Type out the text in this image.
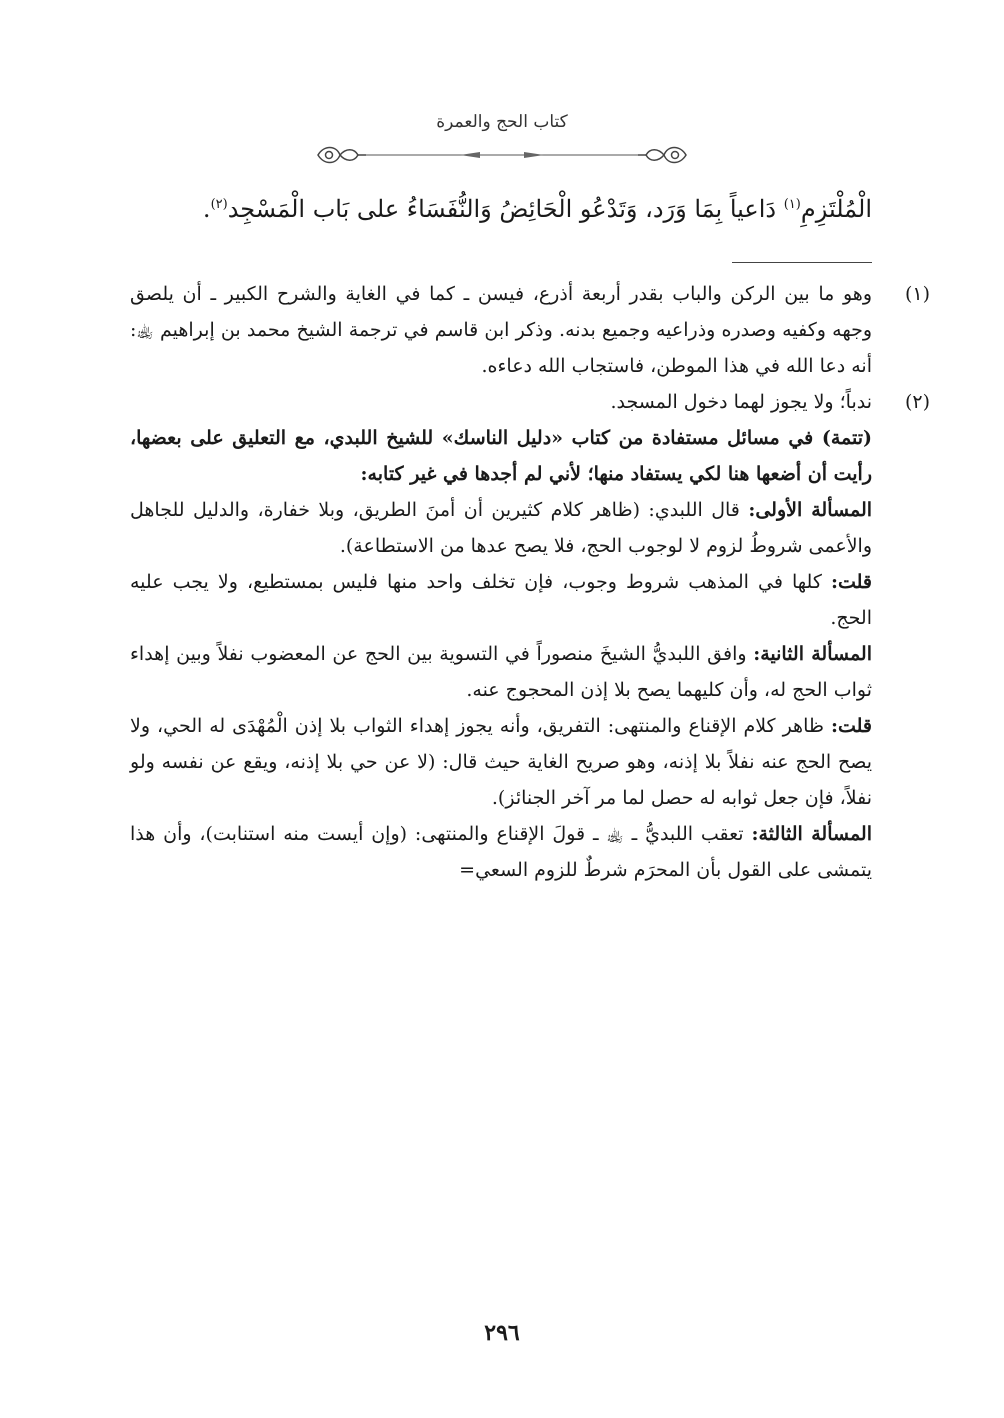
كتاب الحج والعمرة
الْمُلْتَزِمِ$^{(١)}$ دَاعياً بِمَا وَرَد، وَتَدْعُو الْحَائِضُ وَالنُّفَسَاءُ على بَاب الْمَسْجِد$^{(٢)}$.

(١)
وهو ما بين الركن والباب بقدر أربعة أذرع، فيسن ـ كما في الغاية والشرح الكبير ـ أن يلصق وجهه وكفيه وصدره وذراعيه وجميع بدنه. وذكر ابن قاسم في ترجمة الشيخ محمد بن إبراهيم ﵀: أنه دعا الله في هذا الموطن، فاستجاب الله دعاءه.

(٢)
ندباً؛ ولا يجوز لهما دخول المسجد.

(تتمة) في مسائل مستفادة من كتاب «دليل الناسك» للشيخ اللبدي، مع التعليق على بعضها، رأيت أن أضعها هنا لكي يستفاد منها؛ لأني لم أجدها في غير كتابه:

المسألة الأولى: قال اللبدي: (ظاهر كلام كثيرين أن أمنَ الطريق، وبلا خفارة، والدليل للجاهل والأعمى شروطُ لزوم لا لوجوب الحج، فلا يصح عدها من الاستطاعة).

قلت: كلها في المذهب شروط وجوب، فإن تخلف واحد منها فليس بمستطيع، ولا يجب عليه الحج.

المسألة الثانية: وافق اللبديُّ الشيخَ منصوراً في التسوية بين الحج عن المعضوب نفلاً وبين إهداء ثواب الحج له، وأن كليهما يصح بلا إذن المحجوج عنه.

قلت: ظاهر كلام الإقناع والمنتهى: التفريق، وأنه يجوز إهداء الثواب بلا إذن الْمُهْدَى له الحي، ولا يصح الحج عنه نفلاً بلا إذنه، وهو صريح الغاية حيث قال: (لا عن حي بلا إذنه، ويقع عن نفسه ولو نفلاً، فإن جعل ثوابه له حصل لما مر آخر الجنائز).

المسألة الثالثة: تعقب اللبديُّ ـ ﵀ ـ قولَ الإقناع والمنتهى: (وإن أيست منه استنابت)، وأن هذا يتمشى على القول بأن المحرَم شرطٌ للزوم السعي=

٢٩٦
